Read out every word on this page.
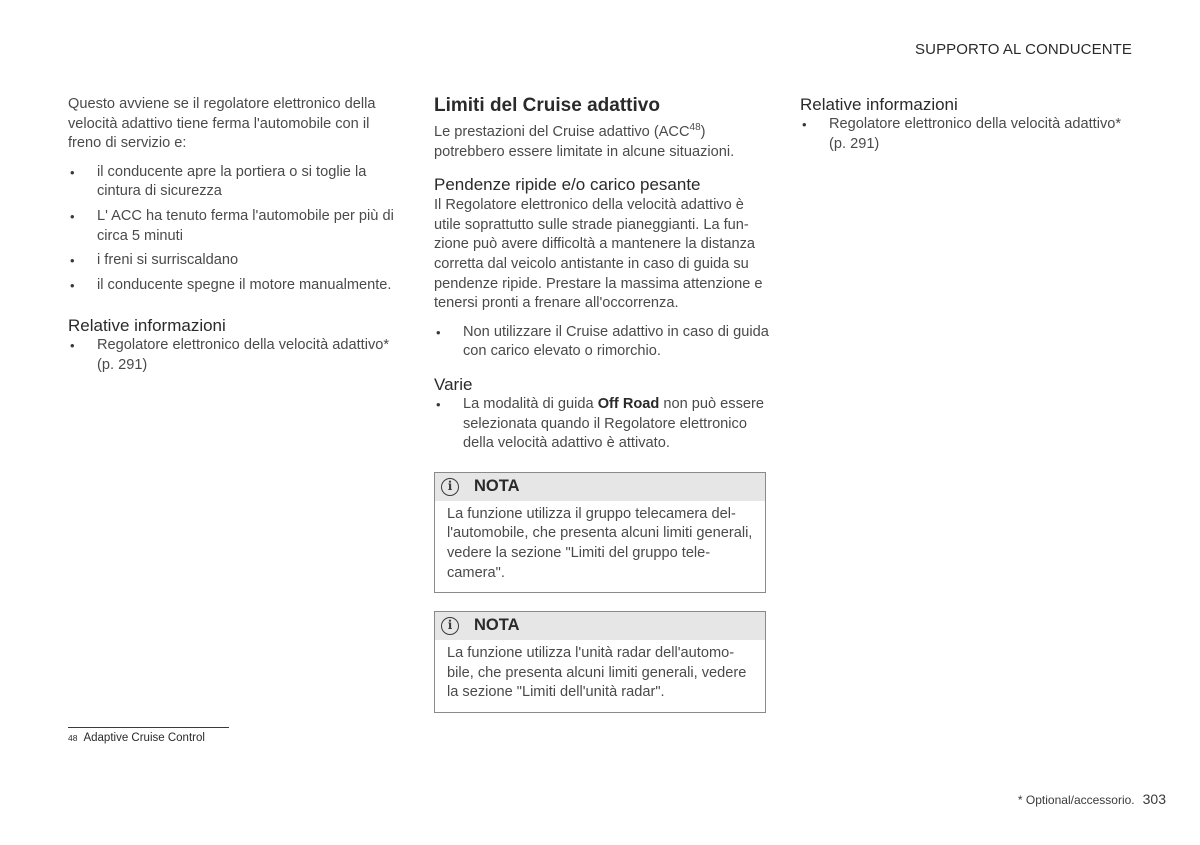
SUPPORTO AL CONDUCENTE

Questo avviene se il regolatore elettronico della velocità adattivo tiene ferma l'automobile con il freno di servizio e:

• il conducente apre la portiera o si toglie la cintura di sicurezza
• L' ACC ha tenuto ferma l'automobile per più di circa 5 minuti
• i freni si surriscaldano
• il conducente spegne il motore manualmente.
Relative informazioni
• Regolatore elettronico della velocità adattivo* (p. 291)
Limiti del Cruise adattivo

Le prestazioni del Cruise adattivo (ACC$^{48}$) potrebbero essere limitate in alcune situazioni.

Pendenze ripide e/o carico pesante

Il Regolatore elettronico della velocità adattivo è utile soprattutto sulle strade pianeggianti. La funzione può avere difficoltà a mantenere la distanza corretta dal veicolo antistante in caso di guida su pendenze ripide. Prestare la massima attenzione e tenersi pronti a frenare all'occorrenza.

• Non utilizzare il Cruise adattivo in caso di guida con carico elevato o rimorchio.
Varie
• La modalità di guida Off Road non può essere selezionata quando il Regolatore elettronico della velocità adattivo è attivato.
i	NOTA
La funzione utilizza il gruppo telecamera dell'automobile, che presenta alcuni limiti generali, vedere la sezione "Limiti del gruppo telecamera".
i	NOTA
La funzione utilizza l'unità radar dell'automobile, che presenta alcuni limiti generali, vedere la sezione "Limiti dell'unità radar".
Relative informazioni
• Regolatore elettronico della velocità adattivo* (p. 291)
$^{48}$ Adaptive Cruise Control
* Optional/accessorio. 303
